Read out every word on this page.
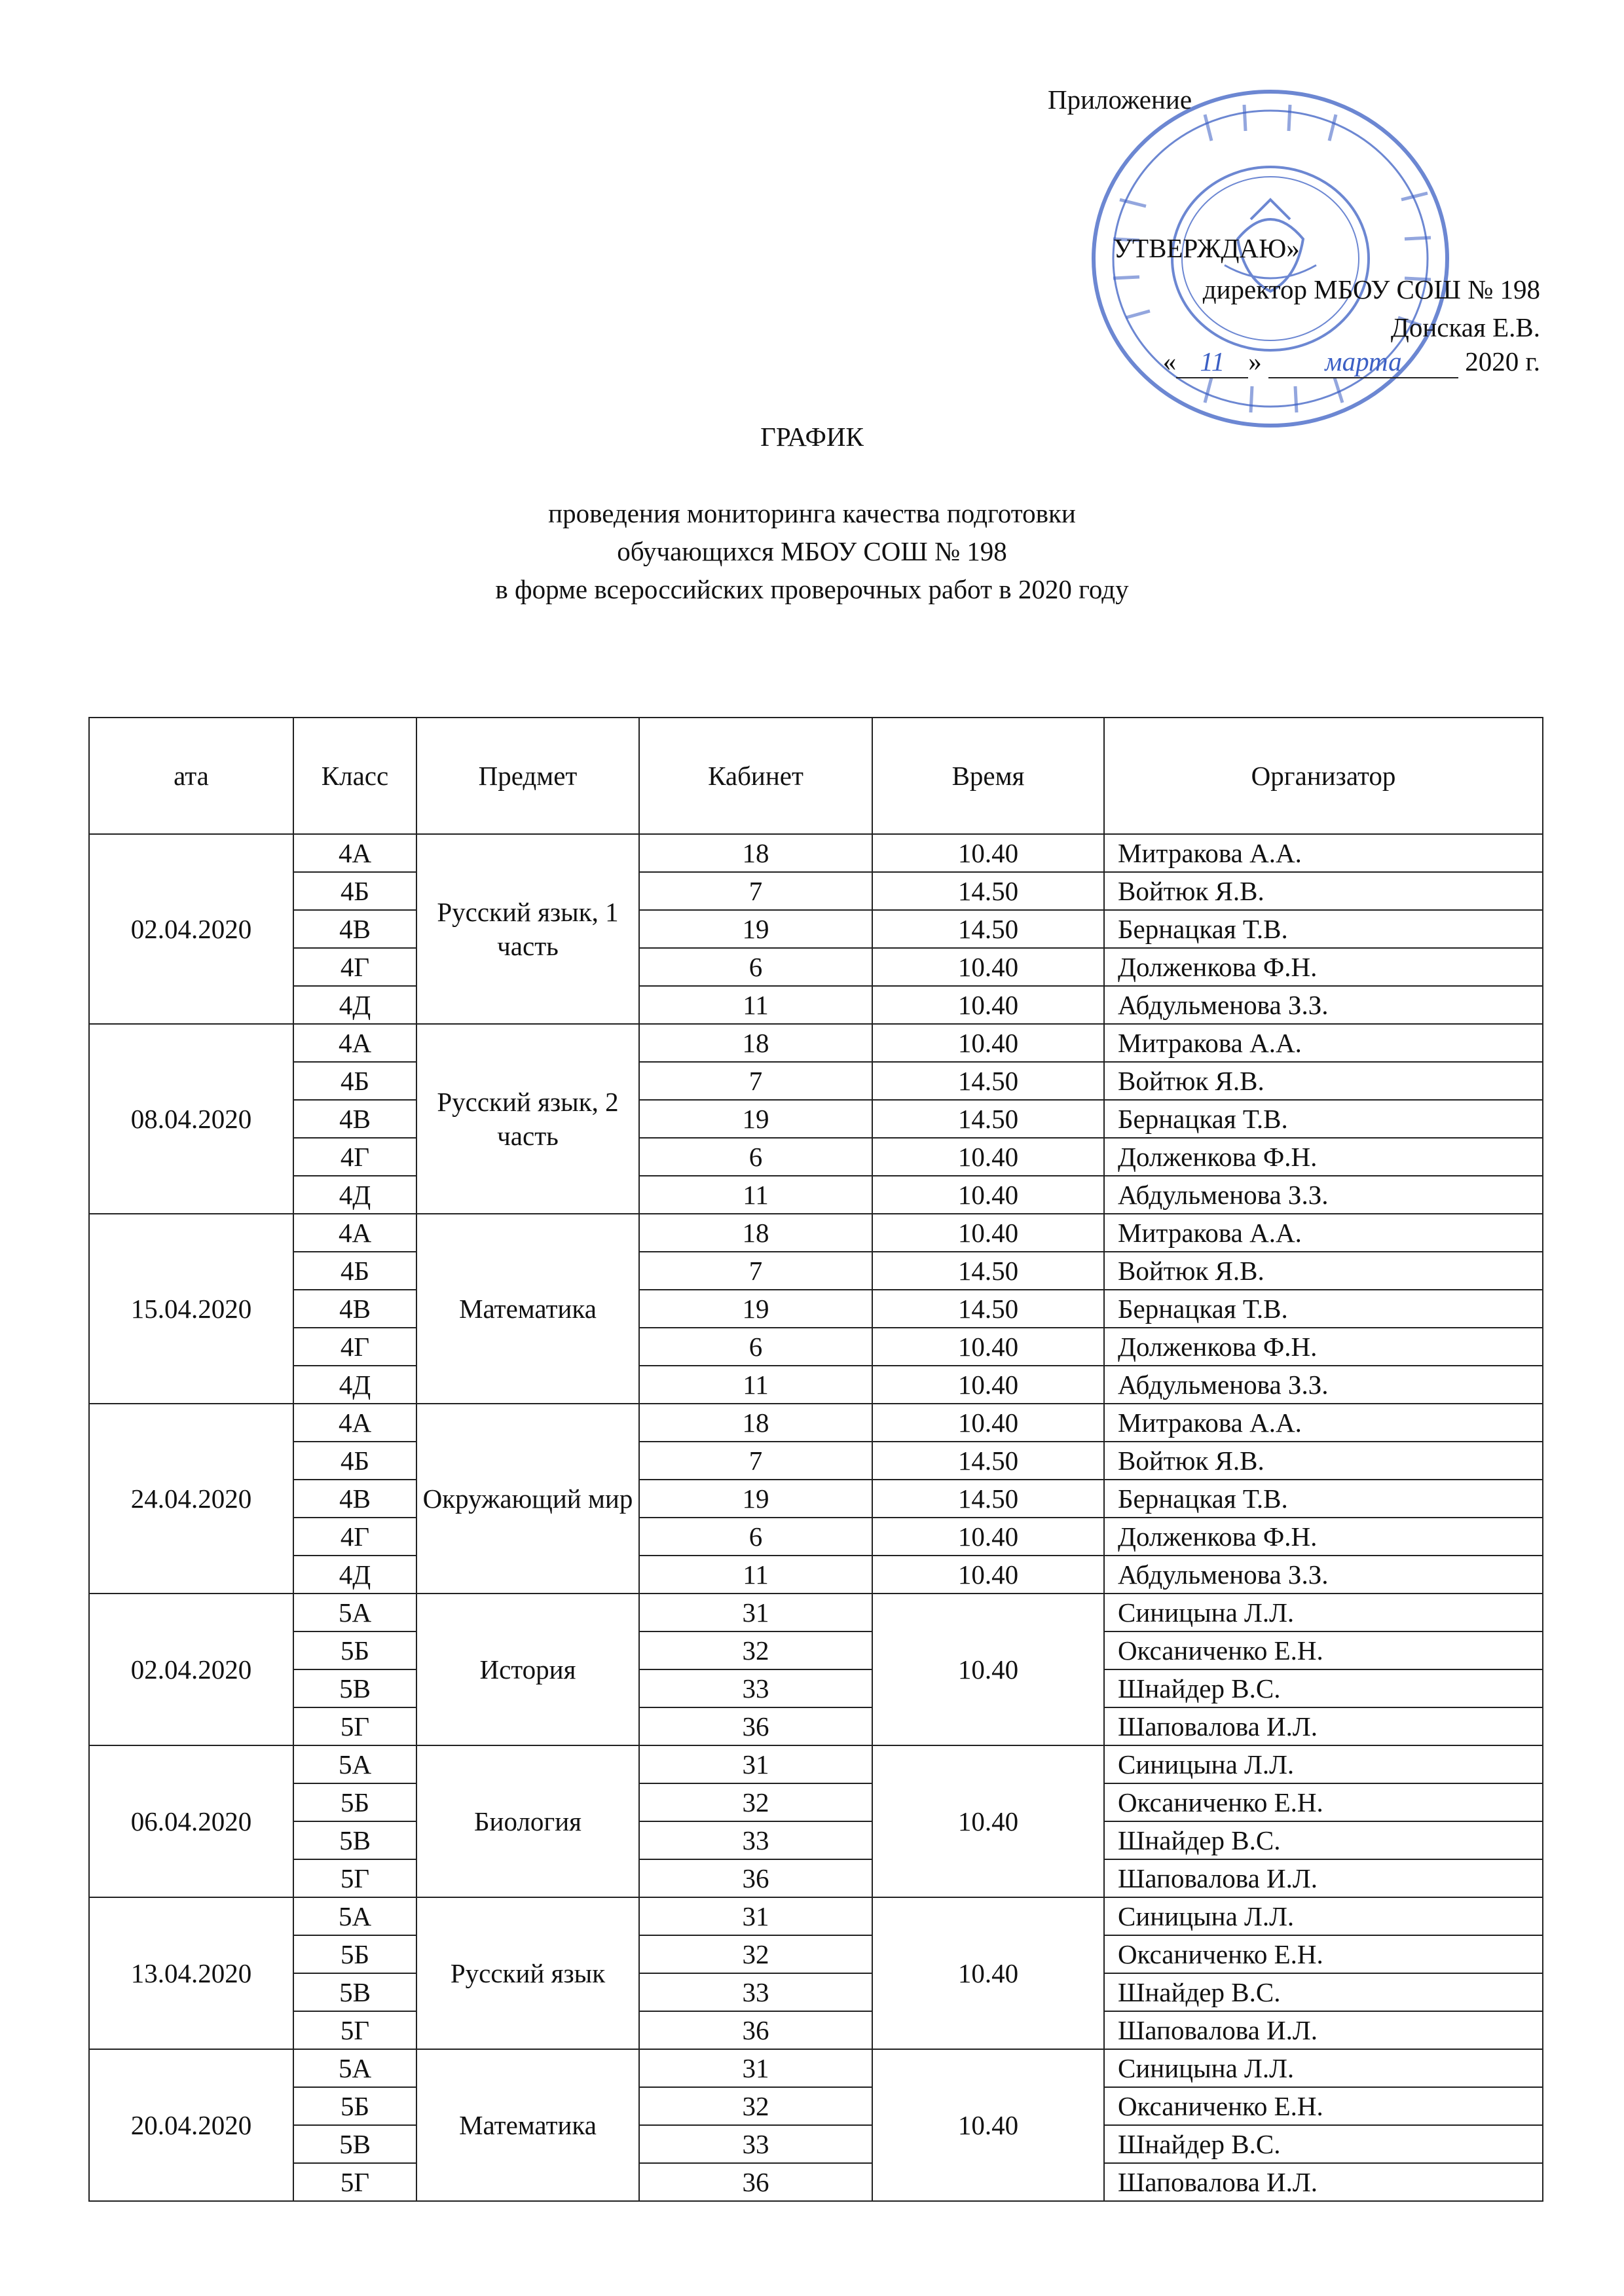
Приложение
УТВЕРЖДАЮ»
директор МБОУ СОШ № 198
Донская Е.В.
« 11 » марта 2020 г.
ГРАФИК
проведения мониторинга качества подготовки
обучающихся МБОУ СОШ № 198
в форме всероссийских проверочных работ в 2020 году
ата	Класс	Предмет	Кабинет	Время	Организатор
02.04.2020	4А	Русский язык, 1 часть	18	10.40	Митракова А.А.
	4Б		7	14.50	Войтюк Я.В.
	4В		19	14.50	Бернацкая Т.В.
	4Г		6	10.40	Долженкова Ф.Н.
	4Д		11	10.40	Абдульменова З.З.
08.04.2020	4А	Русский язык, 2 часть	18	10.40	Митракова А.А.
	4Б		7	14.50	Войтюк Я.В.
	4В		19	14.50	Бернацкая Т.В.
	4Г		6	10.40	Долженкова Ф.Н.
	4Д		11	10.40	Абдульменова З.З.
15.04.2020	4А	Математика	18	10.40	Митракова А.А.
	4Б		7	14.50	Войтюк Я.В.
	4В		19	14.50	Бернацкая Т.В.
	4Г		6	10.40	Долженкова Ф.Н.
	4Д		11	10.40	Абдульменова З.З.
24.04.2020	4А	Окружающий мир	18	10.40	Митракова А.А.
	4Б		7	14.50	Войтюк Я.В.
	4В		19	14.50	Бернацкая Т.В.
	4Г		6	10.40	Долженкова Ф.Н.
	4Д		11	10.40	Абдульменова З.З.
02.04.2020	5А	История	31	10.40	Синицына Л.Л.
	5Б		32		Оксаниченко Е.Н.
	5В		33		Шнайдер В.С.
	5Г		36		Шаповалова И.Л.
06.04.2020	5А	Биология	31	10.40	Синицына Л.Л.
	5Б		32		Оксаниченко Е.Н.
	5В		33		Шнайдер В.С.
	5Г		36		Шаповалова И.Л.
13.04.2020	5А	Русский язык	31	10.40	Синицына Л.Л.
	5Б		32		Оксаниченко Е.Н.
	5В		33		Шнайдер В.С.
	5Г		36		Шаповалова И.Л.
20.04.2020	5А	Математика	31	10.40	Синицына Л.Л.
	5Б		32		Оксаниченко Е.Н.
	5В		33		Шнайдер В.С.
	5Г		36		Шаповалова И.Л.
